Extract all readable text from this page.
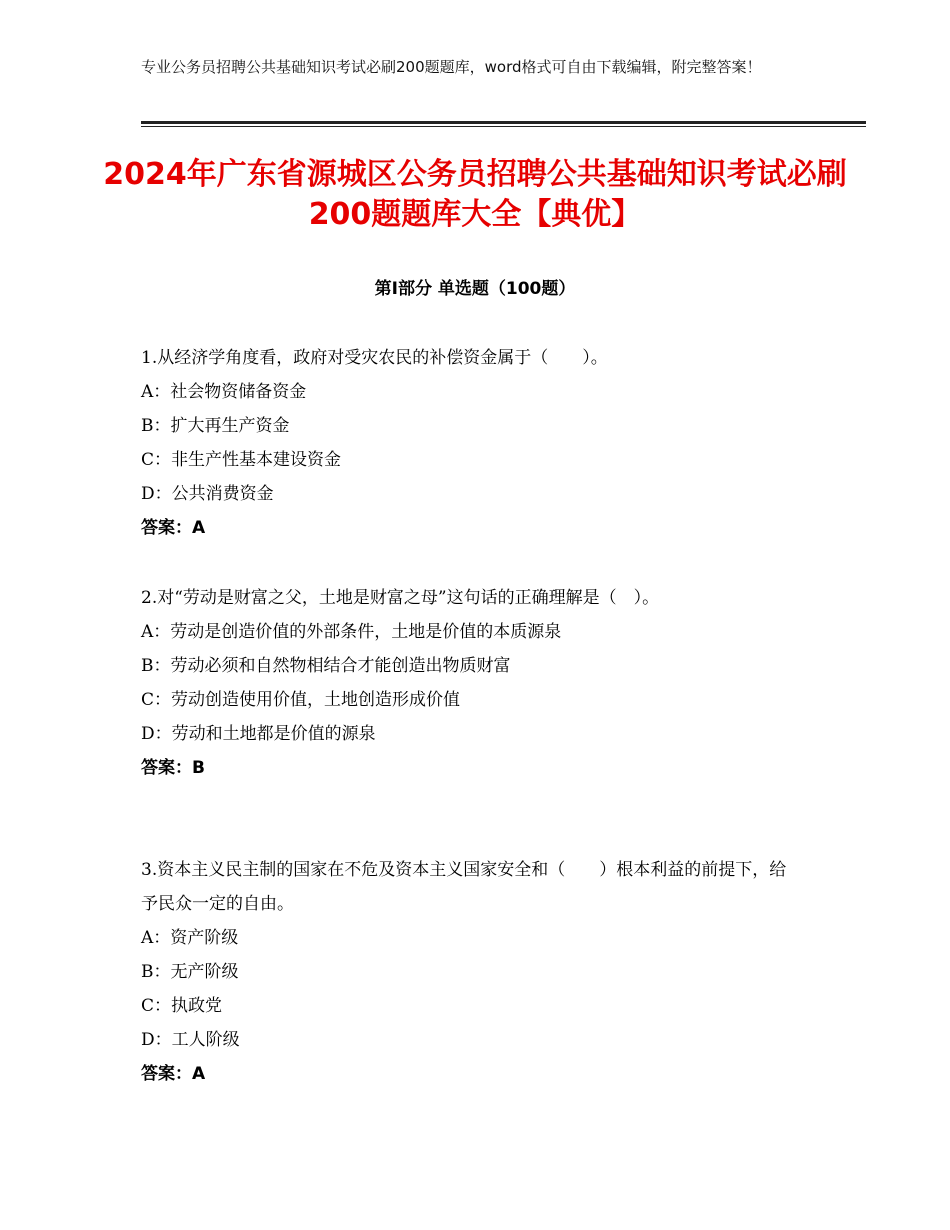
专业公务员招聘公共基础知识考试必刷200题题库，word格式可自由下载编辑，附完整答案！
2024年广东省源城区公务员招聘公共基础知识考试必刷200题题库大全【典优】
第Ⅰ部分 单选题（100题）

1.从经济学角度看，政府对受灾农民的补偿资金属于（　　）。

A：社会物资储备资金

B：扩大再生产资金

C：非生产性基本建设资金

D：公共消费资金

答案：A

2.对“劳动是财富之父，土地是财富之母”这句话的正确理解是（　）。

A：劳动是创造价值的外部条件，土地是价值的本质源泉

B：劳动必须和自然物相结合才能创造出物质财富

C：劳动创造使用价值，土地创造形成价值

D：劳动和土地都是价值的源泉

答案：B

3.资本主义民主制的国家在不危及资本主义国家安全和（　　）根本利益的前提下，给予民众一定的自由。

A：资产阶级

B：无产阶级

C：执政党

D：工人阶级

答案：A
